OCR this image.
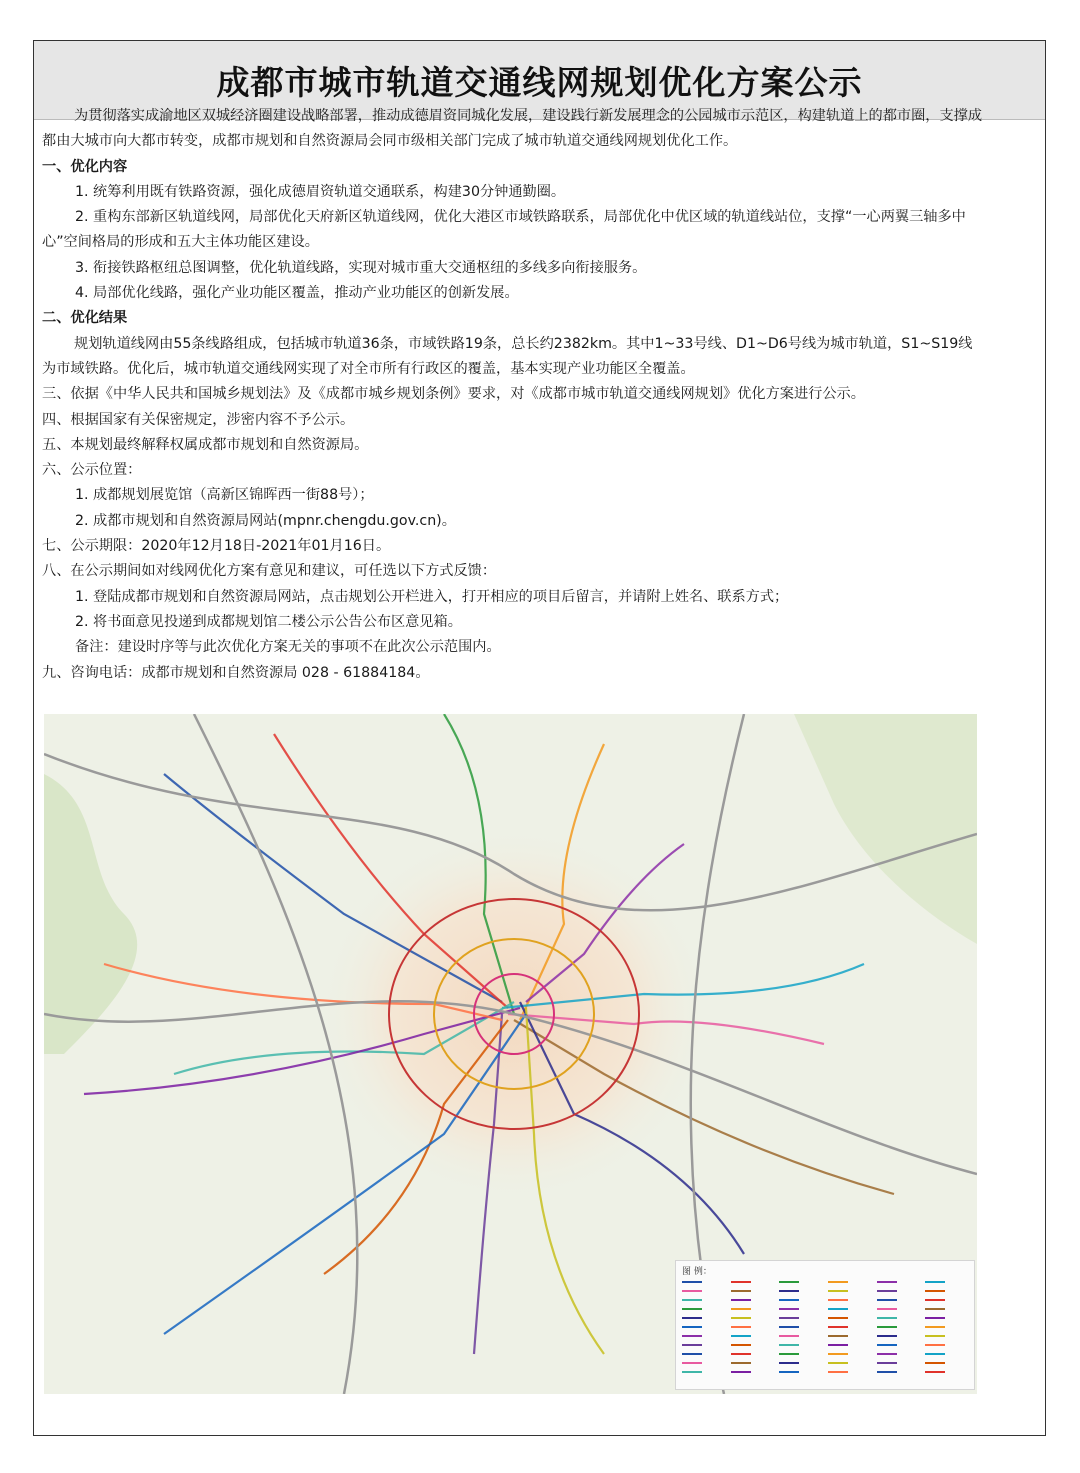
成都市城市轨道交通线网规划优化方案公示

为贯彻落实成渝地区双城经济圈建设战略部署，推动成德眉资同城化发展，建设践行新发展理念的公园城市示范区，构建轨道上的都市圈，支撑成都由大城市向大都市转变，成都市规划和自然资源局会同市级相关部门完成了城市轨道交通线网规划优化工作。

一、优化内容

1. 统筹利用既有铁路资源，强化成德眉资轨道交通联系，构建30分钟通勤圈。

2. 重构东部新区轨道线网，局部优化天府新区轨道线网，优化大港区市域铁路联系，局部优化中优区域的轨道线站位，支撑“一心两翼三轴多中心”空间格局的形成和五大主体功能区建设。

3. 衔接铁路枢纽总图调整，优化轨道线路，实现对城市重大交通枢纽的多线多向衔接服务。

4. 局部优化线路，强化产业功能区覆盖，推动产业功能区的创新发展。

二、优化结果

规划轨道线网由55条线路组成，包括城市轨道36条，市域铁路19条，总长约2382km。其中1~33号线、D1~D6号线为城市轨道，S1~S19线为市域铁路。优化后，城市轨道交通线网实现了对全市所有行政区的覆盖，基本实现产业功能区全覆盖。

三、依据《中华人民共和国城乡规划法》及《成都市城乡规划条例》要求，对《成都市城市轨道交通线网规划》优化方案进行公示。

四、根据国家有关保密规定，涉密内容不予公示。

五、本规划最终解释权属成都市规划和自然资源局。

六、公示位置：

1. 成都规划展览馆（高新区锦晖西一街88号）；

2. 成都市规划和自然资源局网站(mpnr.chengdu.gov.cn)。

七、公示期限：2020年12月18日-2021年01月16日。

八、在公示期间如对线网优化方案有意见和建议，可任选以下方式反馈：

1. 登陆成都市规划和自然资源局网站，点击规划公开栏进入，打开相应的项目后留言，并请附上姓名、联系方式；

2. 将书面意见投递到成都规划馆二楼公示公告公布区意见箱。

备注：建设时序等与此次优化方案无关的事项不在此次公示范围内。

九、咨询电话：成都市规划和自然资源局 028 - 61884184。

图 例：
